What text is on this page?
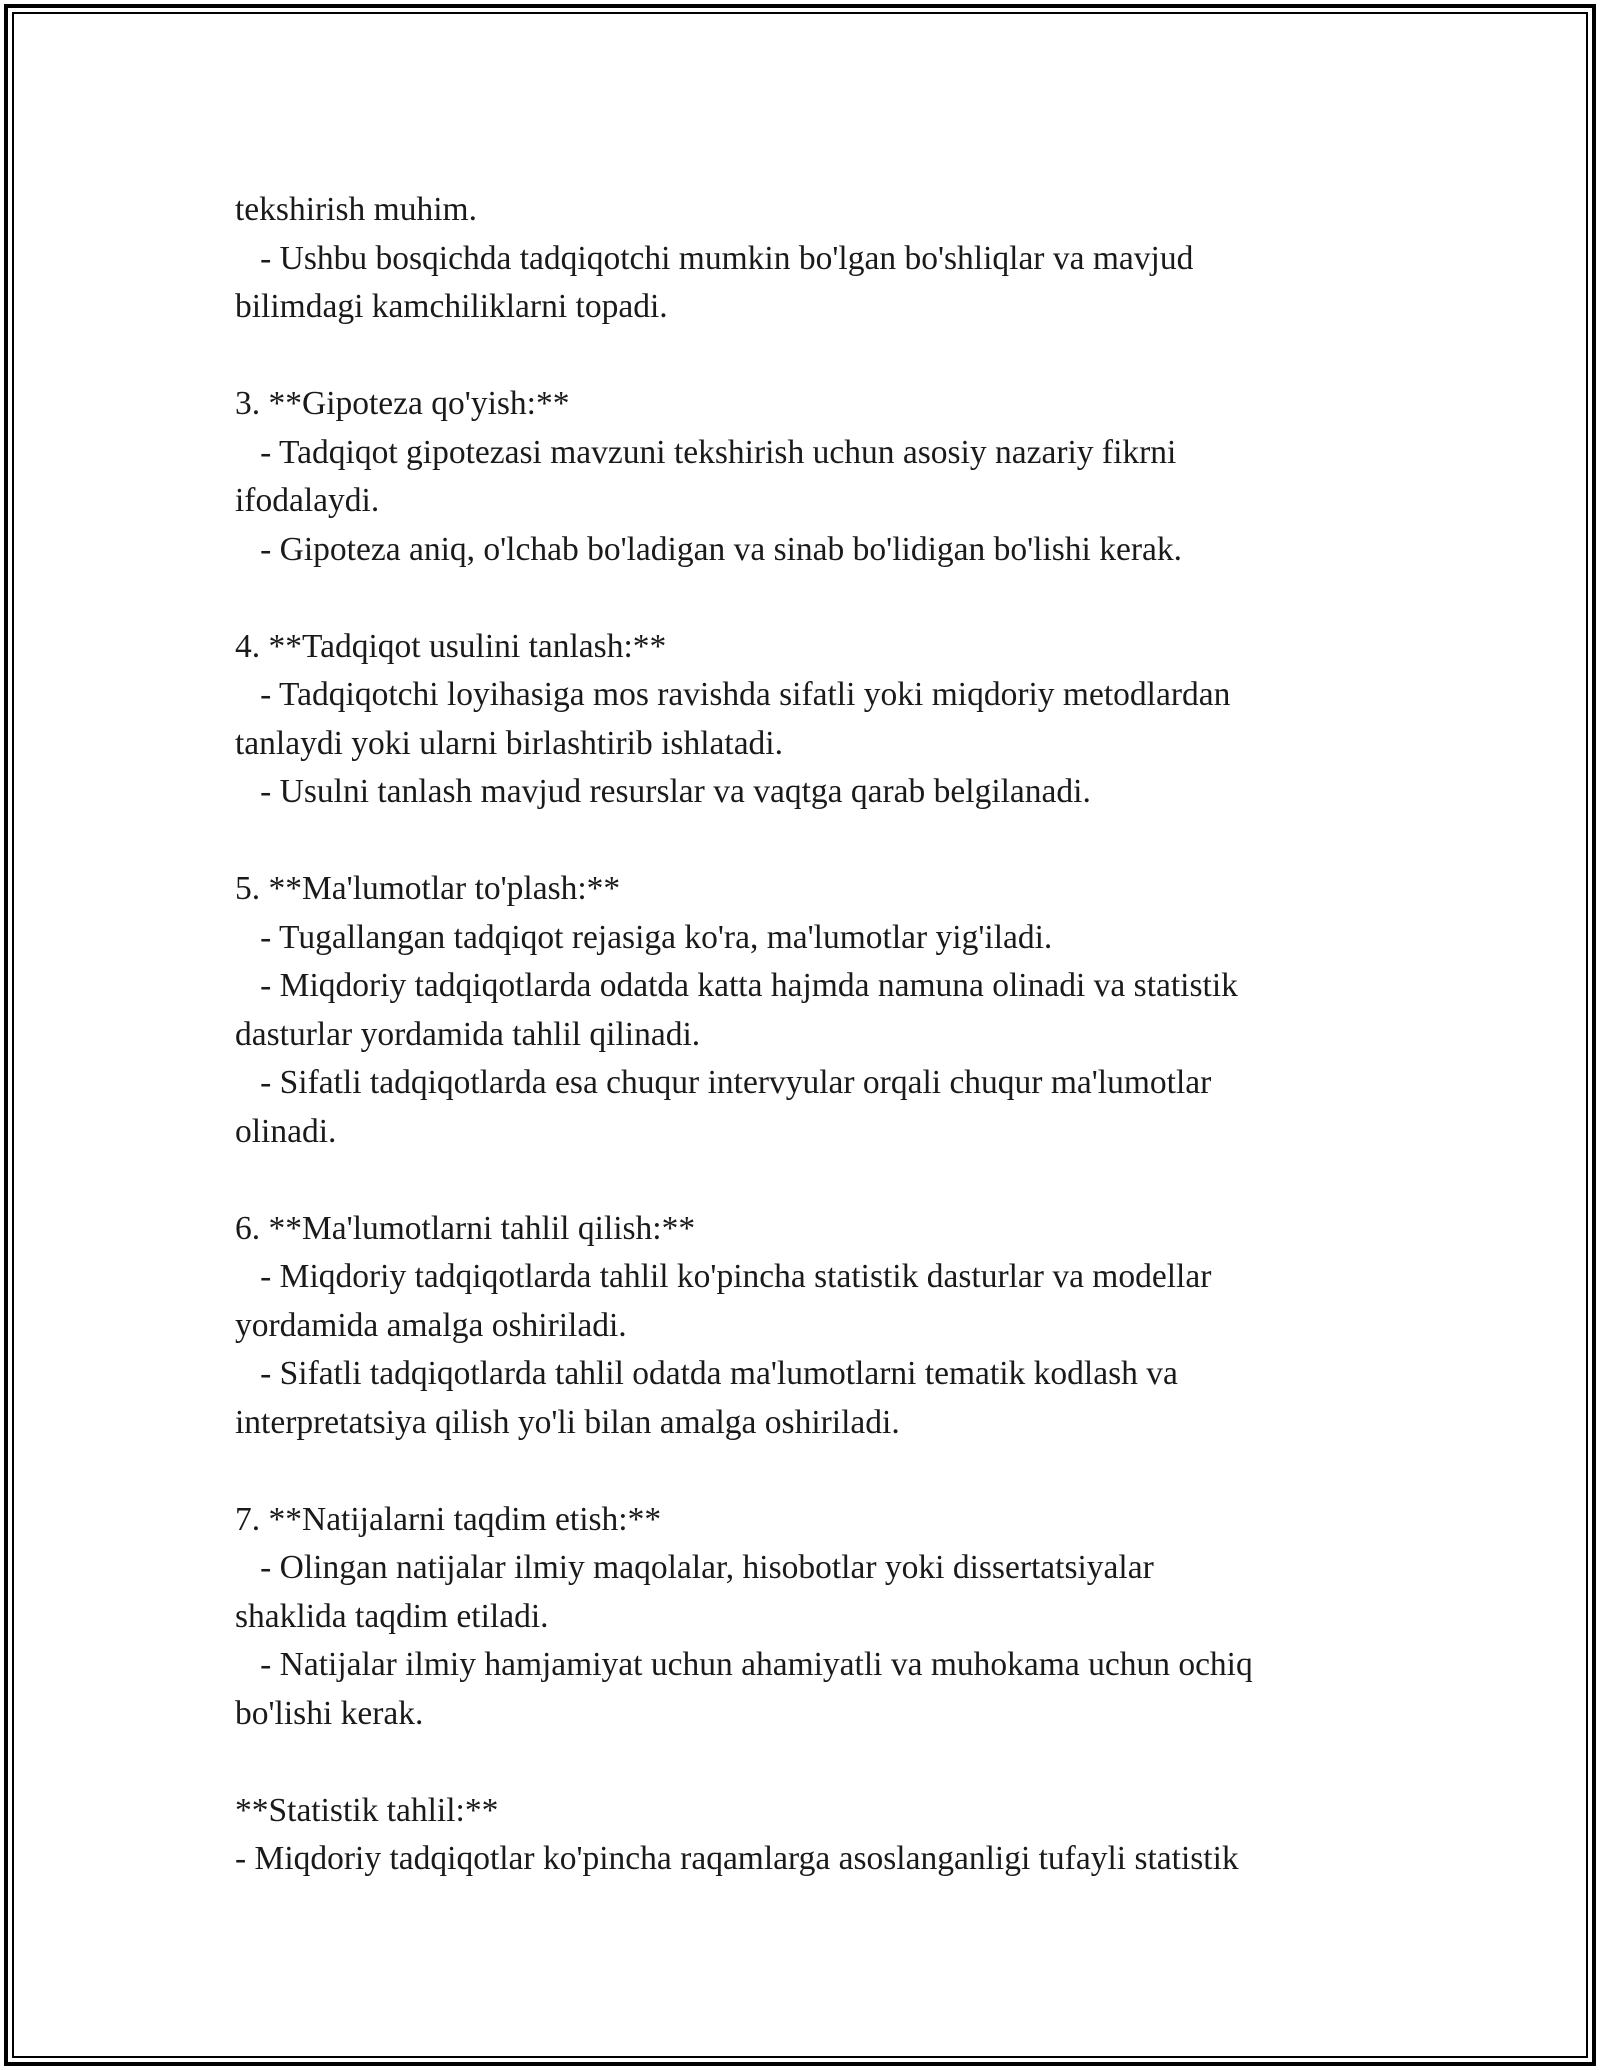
tekshirish muhim.
- Ushbu bosqichda tadqiqotchi mumkin bo'lgan bo'shliqlar va mavjud
bilimdagi kamchiliklarni topadi.
3. **Gipoteza qo'yish:**
- Tadqiqot gipotezasi mavzuni tekshirish uchun asosiy nazariy fikrni
ifodalaydi.
- Gipoteza aniq, o'lchab bo'ladigan va sinab bo'lidigan bo'lishi kerak.
4. **Tadqiqot usulini tanlash:**
- Tadqiqotchi loyihasiga mos ravishda sifatli yoki miqdoriy metodlardan
tanlaydi yoki ularni birlashtirib ishlatadi.
- Usulni tanlash mavjud resurslar va vaqtga qarab belgilanadi.
5. **Ma'lumotlar to'plash:**
- Tugallangan tadqiqot rejasiga ko'ra, ma'lumotlar yig'iladi.
- Miqdoriy tadqiqotlarda odatda katta hajmda namuna olinadi va statistik
dasturlar yordamida tahlil qilinadi.
- Sifatli tadqiqotlarda esa chuqur intervyular orqali chuqur ma'lumotlar
olinadi.
6. **Ma'lumotlarni tahlil qilish:**
- Miqdoriy tadqiqotlarda tahlil ko'pincha statistik dasturlar va modellar
yordamida amalga oshiriladi.
- Sifatli tadqiqotlarda tahlil odatda ma'lumotlarni tematik kodlash va
interpretatsiya qilish yo'li bilan amalga oshiriladi.
7. **Natijalarni taqdim etish:**
- Olingan natijalar ilmiy maqolalar, hisobotlar yoki dissertatsiyalar
shaklida taqdim etiladi.
- Natijalar ilmiy hamjamiyat uchun ahamiyatli va muhokama uchun ochiq
bo'lishi kerak.
**Statistik tahlil:**
- Miqdoriy tadqiqotlar ko'pincha raqamlarga asoslanganligi tufayli statistik
